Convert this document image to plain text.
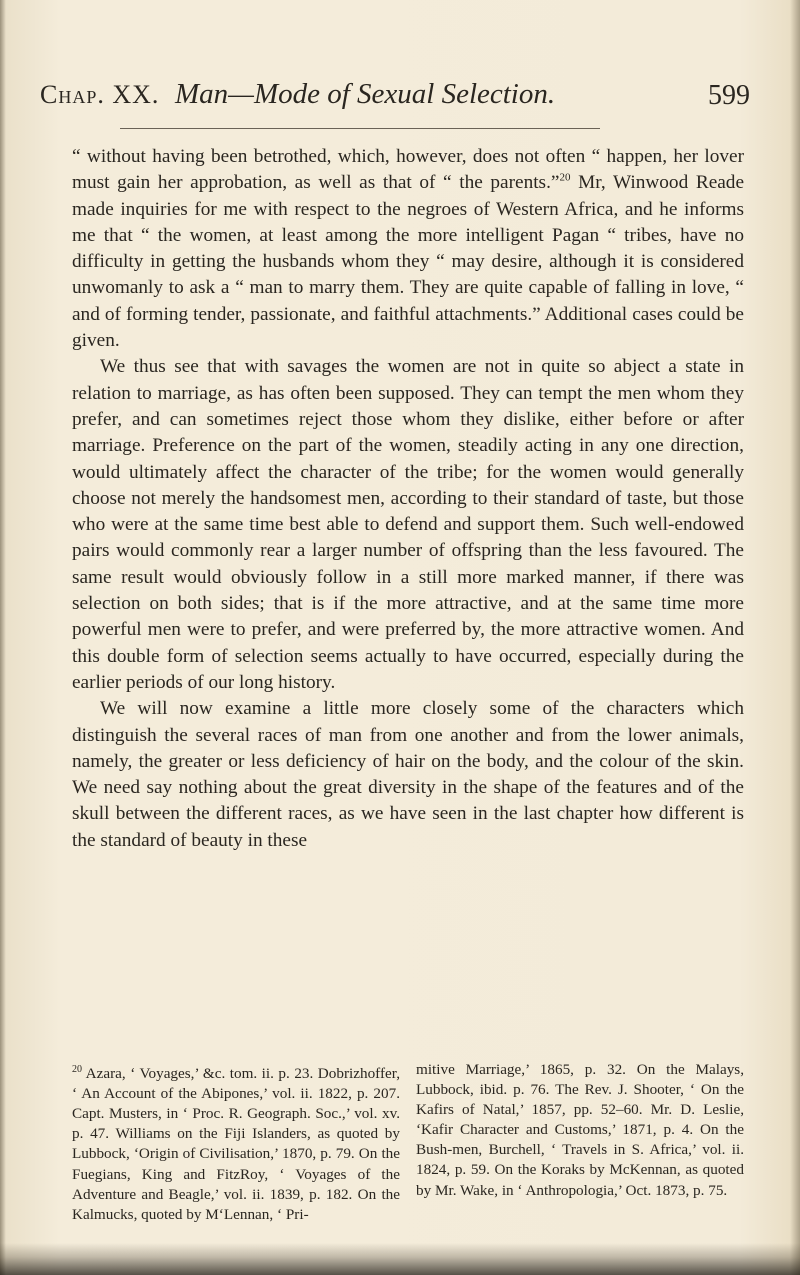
Chap. XX. Man—Mode of Sexual Selection.	599

“ without having been betrothed, which, however, does not often “ happen, her lover must gain her approbation, as well as that of “ the parents.”$^{20}$ Mr, Winwood Reade made inquiries for me with respect to the negroes of Western Africa, and he informs me that “ the women, at least among the more intelligent Pagan “ tribes, have no difficulty in getting the husbands whom they “ may desire, although it is considered unwomanly to ask a “ man to marry them. They are quite capable of falling in love, “ and of forming tender, passionate, and faithful attachments.” Additional cases could be given.

We thus see that with savages the women are not in quite so abject a state in relation to marriage, as has often been supposed. They can tempt the men whom they prefer, and can sometimes reject those whom they dislike, either before or after marriage. Preference on the part of the women, steadily acting in any one direction, would ultimately affect the character of the tribe; for the women would generally choose not merely the handsomest men, according to their standard of taste, but those who were at the same time best able to defend and support them. Such well-endowed pairs would commonly rear a larger number of offspring than the less favoured. The same result would obviously follow in a still more marked manner, if there was selection on both sides; that is if the more attractive, and at the same time more powerful men were to prefer, and were preferred by, the more attractive women. And this double form of selection seems actually to have occurred, especially during the earlier periods of our long history.

We will now examine a little more closely some of the characters which distinguish the several races of man from one another and from the lower animals, namely, the greater or less deficiency of hair on the body, and the colour of the skin. We need say nothing about the great diversity in the shape of the features and of the skull between the different races, as we have seen in the last chapter how different is the standard of beauty in these

$^{20}$ Azara, ‘ Voyages,’ &c. tom. ii. p. 23. Dobrizhoffer, ‘ An Account of the Abipones,’ vol. ii. 1822, p. 207. Capt. Musters, in ‘ Proc. R. Geograph. Soc.,’ vol. xv. p. 47. Williams on the Fiji Islanders, as quoted by Lubbock, ‘Origin of Civilisation,’ 1870, p. 79. On the Fuegians, King and FitzRoy, ‘ Voyages of the Adventure and Beagle,’ vol. ii. 1839, p. 182. On the Kalmucks, quoted by M‘Lennan, ‘ Pri-

mitive Marriage,’ 1865, p. 32. On the Malays, Lubbock, ibid. p. 76. The Rev. J. Shooter, ‘ On the Kafirs of Natal,’ 1857, pp. 52–60. Mr. D. Leslie, ‘Kafir Character and Customs,’ 1871, p. 4. On the Bush-men, Burchell, ‘ Travels in S. Africa,’ vol. ii. 1824, p. 59. On the Koraks by McKennan, as quoted by Mr. Wake, in ‘ Anthropologia,’ Oct. 1873, p. 75.
